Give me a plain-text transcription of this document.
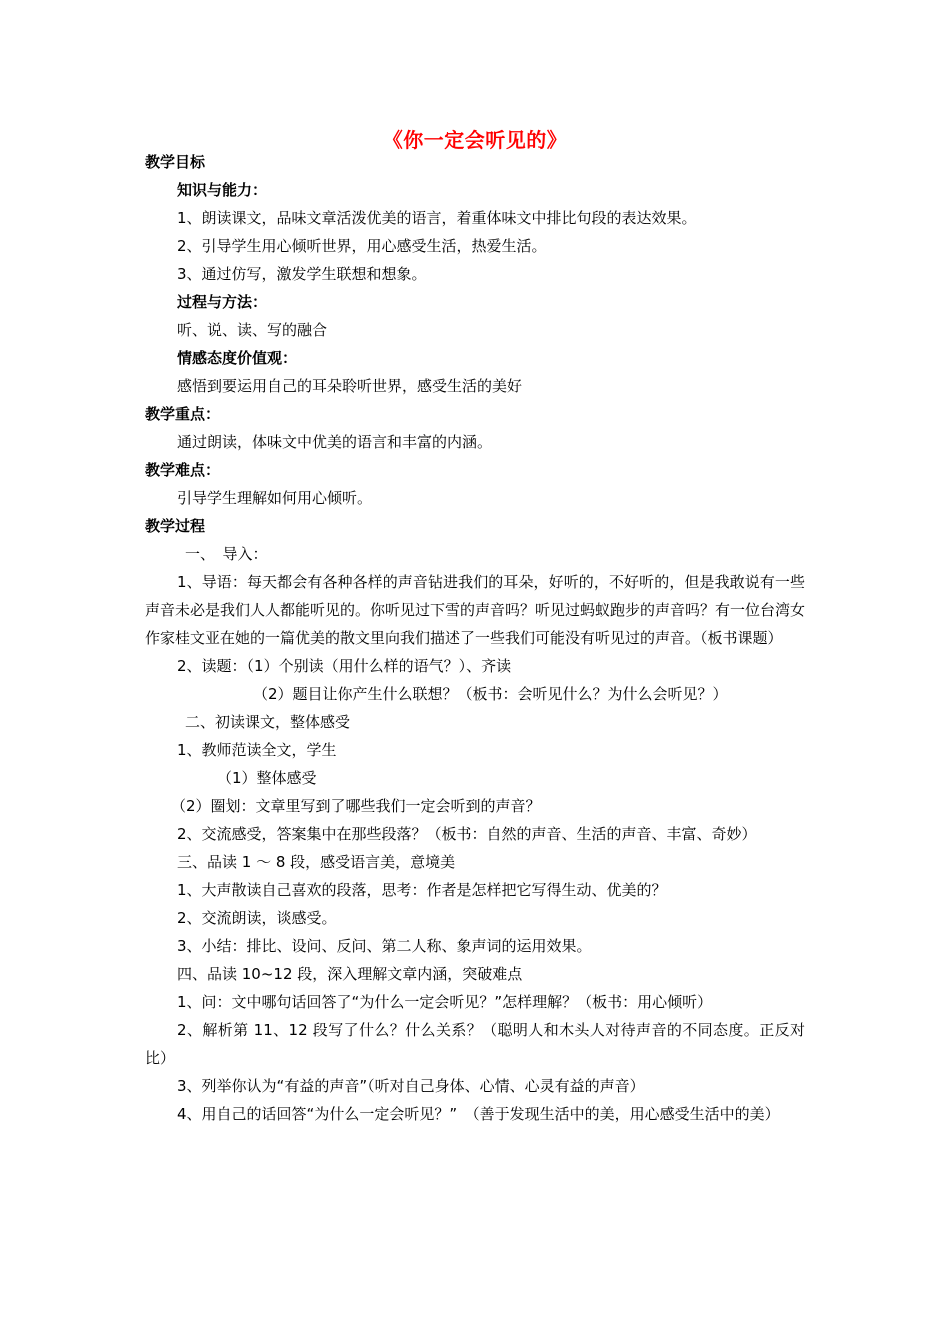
《你一定会听见的》

教学目标

知识与能力：

1、朗读课文，品味文章活泼优美的语言，着重体味文中排比句段的表达效果。

2、引导学生用心倾听世界，用心感受生活，热爱生活。

3、通过仿写，激发学生联想和想象。

过程与方法：

听、说、读、写的融合

情感态度价值观：

感悟到要运用自己的耳朵聆听世界，感受生活的美好

教学重点：

通过朗读，体味文中优美的语言和丰富的内涵。

教学难点：

引导学生理解如何用心倾听。

教学过程

一、　导入：

1、导语：每天都会有各种各样的声音钻进我们的耳朵，好听的，不好听的，但是我敢说有一些声音未必是我们人人都能听见的。你听见过下雪的声音吗？听见过蚂蚁跑步的声音吗？有一位台湾女作家桂文亚在她的一篇优美的散文里向我们描述了一些我们可能没有听见过的声音。（板书课题）

2、读题：（1）个别读（用什么样的语气？）、齐读

（2）题目让你产生什么联想？（板书：会听见什么？为什么会听见？）

二、初读课文，整体感受

1、教师范读全文，学生

（1）整体感受

（2）圈划：文章里写到了哪些我们一定会听到的声音？

2、交流感受，答案集中在那些段落？（板书：自然的声音、生活的声音、丰富、奇妙）

三、品读 1 ～ 8 段，感受语言美，意境美

1、大声散读自己喜欢的段落，思考：作者是怎样把它写得生动、优美的？

2、交流朗读，谈感受。

3、小结：排比、设问、反问、第二人称、象声词的运用效果。

四、品读 10~12 段，深入理解文章内涵，突破难点

1、问：文中哪句话回答了“为什么一定会听见？”怎样理解？（板书：用心倾听）

2、解析第 11、12 段写了什么？什么关系？（聪明人和木头人对待声音的不同态度。正反对比）

3、列举你认为“有益的声音”（听对自己身体、心情、心灵有益的声音）

4、用自己的话回答“为什么一定会听见？”　（善于发现生活中的美，用心感受生活中的美）
